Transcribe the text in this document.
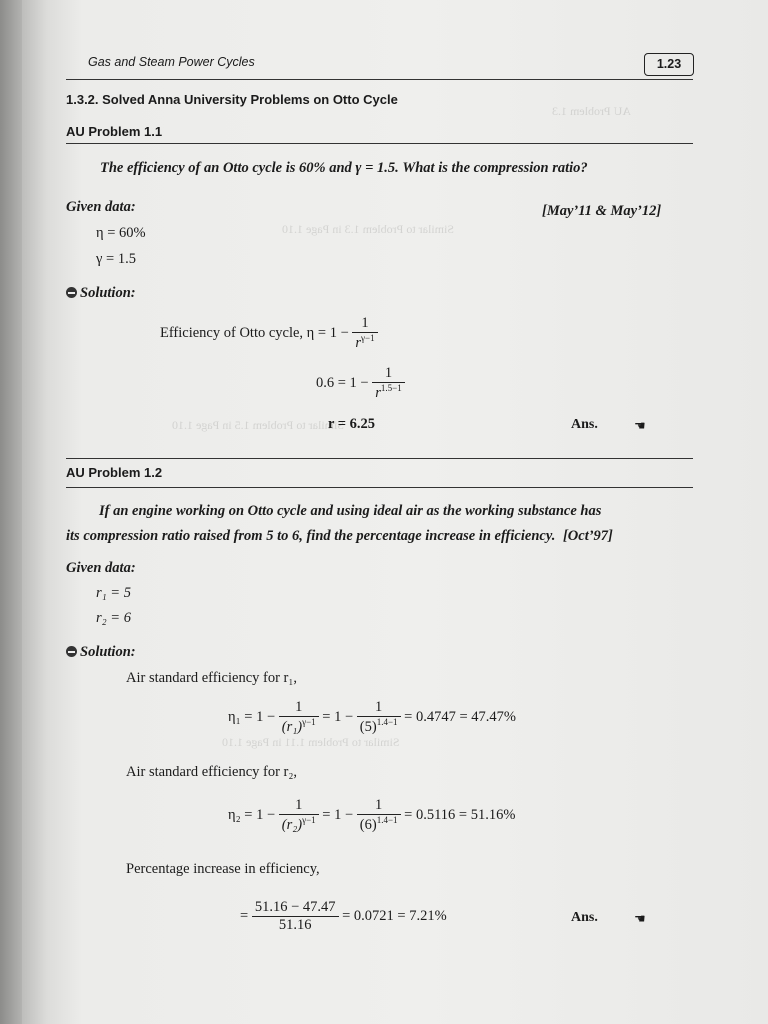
AU Problem 1.3
Similar to Problem 1.3 in Page 1.10
Similar to Problem 1.5 in Page 1.10
Similar to Problem 1.11 in Page 1.10
Gas and Steam Power Cycles	1.23
1.3.2. Solved Anna University Problems on Otto Cycle
AU Problem 1.1
The efficiency of an Otto cycle is 60% and γ = 1.5. What is the compression ratio?
Given data:	[May’11 & May’12]
η = 60%
γ = 1.5
Solution:
Efficiency of Otto cycle, $\eta = 1 - \frac{1}{r^{\gamma-1}}$
$0.6 = 1 - \frac{1}{r^{1.5-1}}$
r = 6.25	Ans.	☚
AU Problem 1.2
If an engine working on Otto cycle and using ideal air as the working substance has
its compression ratio raised from 5 to 6, find the percentage increase in efficiency. [Oct’97]
Given data:
r₁ = 5
r₂ = 6
Solution:
Air standard efficiency for r₁,
$\eta_1 = 1 - \frac{1}{(r_1)^{\gamma-1}} = 1 - \frac{1}{(5)^{1.4-1}} = 0.4747 = 47.47\%$
Air standard efficiency for r₂,
$\eta_2 = 1 - \frac{1}{(r_2)^{\gamma-1}} = 1 - \frac{1}{(6)^{1.4-1}} = 0.5116 = 51.16\%$
Percentage increase in efficiency,
= $\frac{51.16 - 47.47}{51.16} = 0.0721 = 7.21\%$	Ans.	☚
